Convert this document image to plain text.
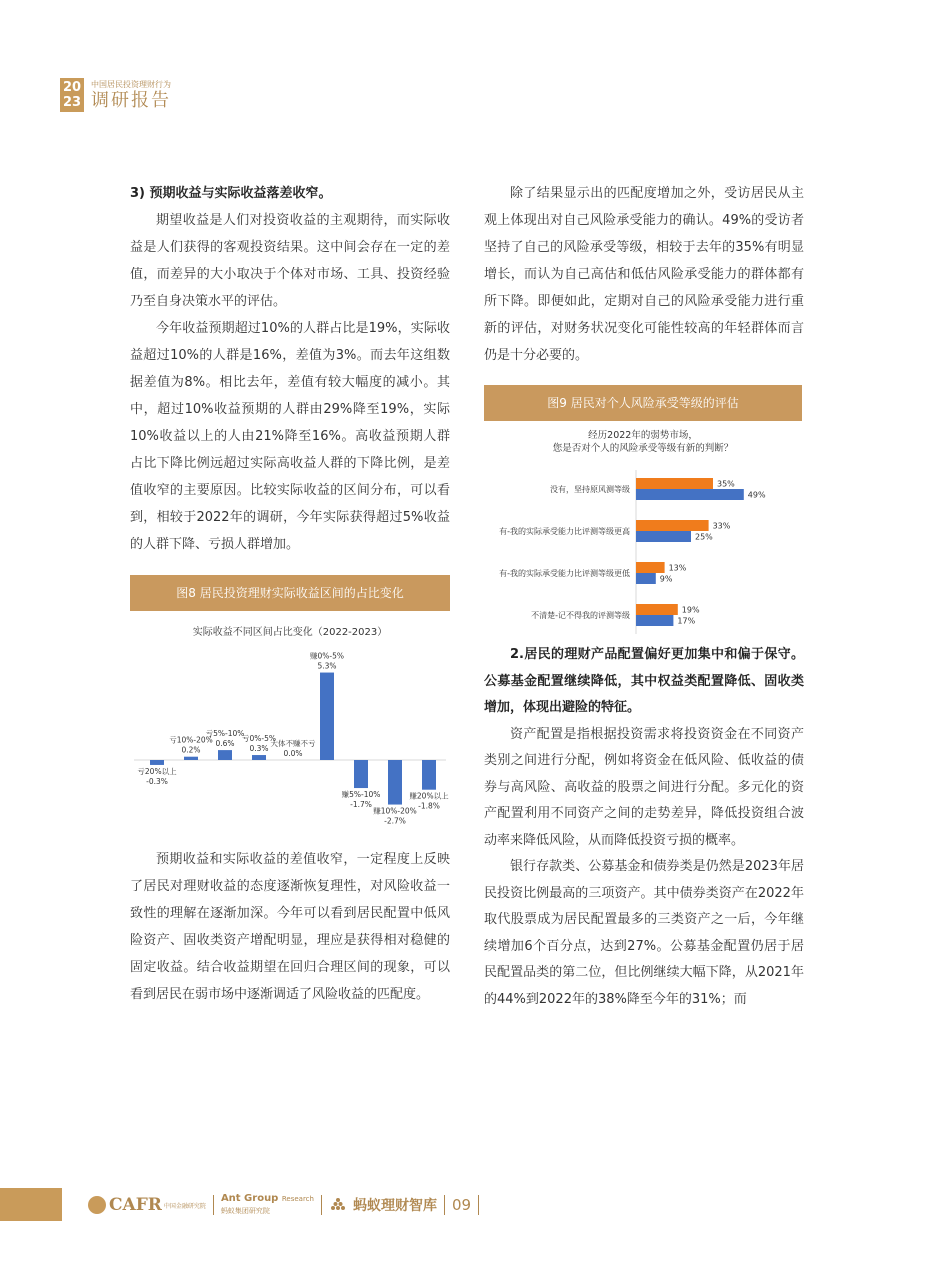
20
23
中国居民投资理财行为
调研报告

3) 预期收益与实际收益落差收窄。

期望收益是人们对投资收益的主观期待，而实际收益是人们获得的客观投资结果。这中间会存在一定的差值，而差异的大小取决于个体对市场、工具、投资经验乃至自身决策水平的评估。

今年收益预期超过10%的人群占比是19%，实际收益超过10%的人群是16%，差值为3%。而去年这组数据差值为8%。相比去年，差值有较大幅度的减小。其中，超过10%收益预期的人群由29%降至19%，实际10%收益以上的人由21%降至16%。高收益预期人群占比下降比例远超过实际高收益人群的下降比例，是差值收窄的主要原因。比较实际收益的区间分布，可以看到，相较于2022年的调研，今年实际获得超过5%收益的人群下降、亏损人群增加。

图8 居民投资理财实际收益区间的占比变化
实际收益不同区间占比变化（2022-2023）
亏20%以上
-0.3%
亏10%-20%
0.2%
亏5%-10%
0.6%
亏0%-5%
0.3%
大体不赚不亏
0.0%
赚0%-5%
5.3%
赚5%-10%
-1.7%
赚10%-20%
-2.7%
赚20%以上
-1.8%

预期收益和实际收益的差值收窄，一定程度上反映了居民对理财收益的态度逐渐恢复理性，对风险收益一致性的理解在逐渐加深。今年可以看到居民配置中低风险资产、固收类资产增配明显，理应是获得相对稳健的固定收益。结合收益期望在回归合理区间的现象，可以看到居民在弱市场中逐渐调适了风险收益的匹配度。

除了结果显示出的匹配度增加之外，受访居民从主观上体现出对自己风险承受能力的确认。49%的受访者坚持了自己的风险承受等级，相较于去年的35%有明显增长，而认为自己高估和低估风险承受能力的群体都有所下降。即便如此，定期对自己的风险承受能力进行重新的评估，对财务状况变化可能性较高的年轻群体而言仍是十分必要的。

图9 居民对个人风险承受等级的评估
经历2022年的弱势市场，
您是否对个人的风险承受等级有新的判断？
没有，坚持原风测等级
35%
49%
有-我的实际承受能力比评测等级更高
33%
25%
有-我的实际承受能力比评测等级更低
13%
9%
不清楚-记不得我的评测等级
19%
17%

2.居民的理财产品配置偏好更加集中和偏于保守。公募基金配置继续降低，其中权益类配置降低、固收类增加，体现出避险的特征。

资产配置是指根据投资需求将投资资金在不同资产类别之间进行分配，例如将资金在低风险、低收益的债券与高风险、高收益的股票之间进行分配。多元化的资产配置利用不同资产之间的走势差异，降低投资组合波动率来降低风险，从而降低投资亏损的概率。

银行存款类、公募基金和债券类是仍然是2023年居民投资比例最高的三项资产。其中债券类资产在2022年取代股票成为居民配置最多的三类资产之一后，今年继续增加6个百分点，达到27%。公募基金配置仍居于居民配置品类的第二位，但比例继续大幅下降，从2021年的44%到2022年的38%降至今年的31%；而

CAFR 中国金融研究院
Ant Group Research
蚂蚁集团研究院	蚂蚁理财智库 09
